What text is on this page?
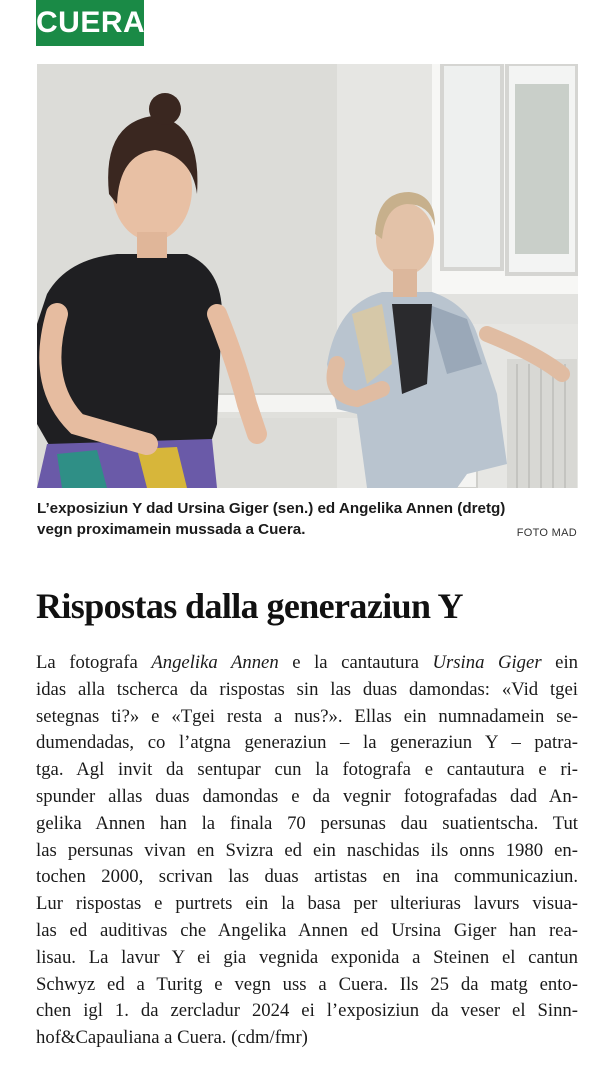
CUERA
L’exposiziun Y dad Ursina Giger (sen.) ed Angelika Annen (dretg)
vegn proximamein mussada a Cuera.	FOTO MAD
Rispostas dalla generaziun Y
La fotografa Angelika Annen e la cantautura Ursina Giger ein
idas alla tscherca da rispostas sin las duas damondas: «Vid tgei
setegnas ti?» e «Tgei resta a nus?». Ellas ein numnadamein se-
dumendadas, co l’atgna generaziun – la generaziun Y – patra-
tga. Agl invit da sentupar cun la fotografa e cantautura e ri-
spunder allas duas damondas e da vegnir fotografadas dad An-
gelika Annen han la finala 70 persunas dau suatientscha. Tut
las persunas vivan en Svizra ed ein naschidas ils onns 1980 en-
tochen 2000, scrivan las duas artistas en ina communicaziun.
Lur rispostas e purtrets ein la basa per ulteriuras lavurs visua-
las ed auditivas che Angelika Annen ed Ursina Giger han rea-
lisau. La lavur Y ei gia vegnida exponida a Steinen el cantun
Schwyz ed a Turitg e vegn uss a Cuera. Ils 25 da matg ento-
chen igl 1. da zercladur 2024 ei l’exposiziun da veser el Sinn-
hof&Capauliana a Cuera. (cdm/fmr)
